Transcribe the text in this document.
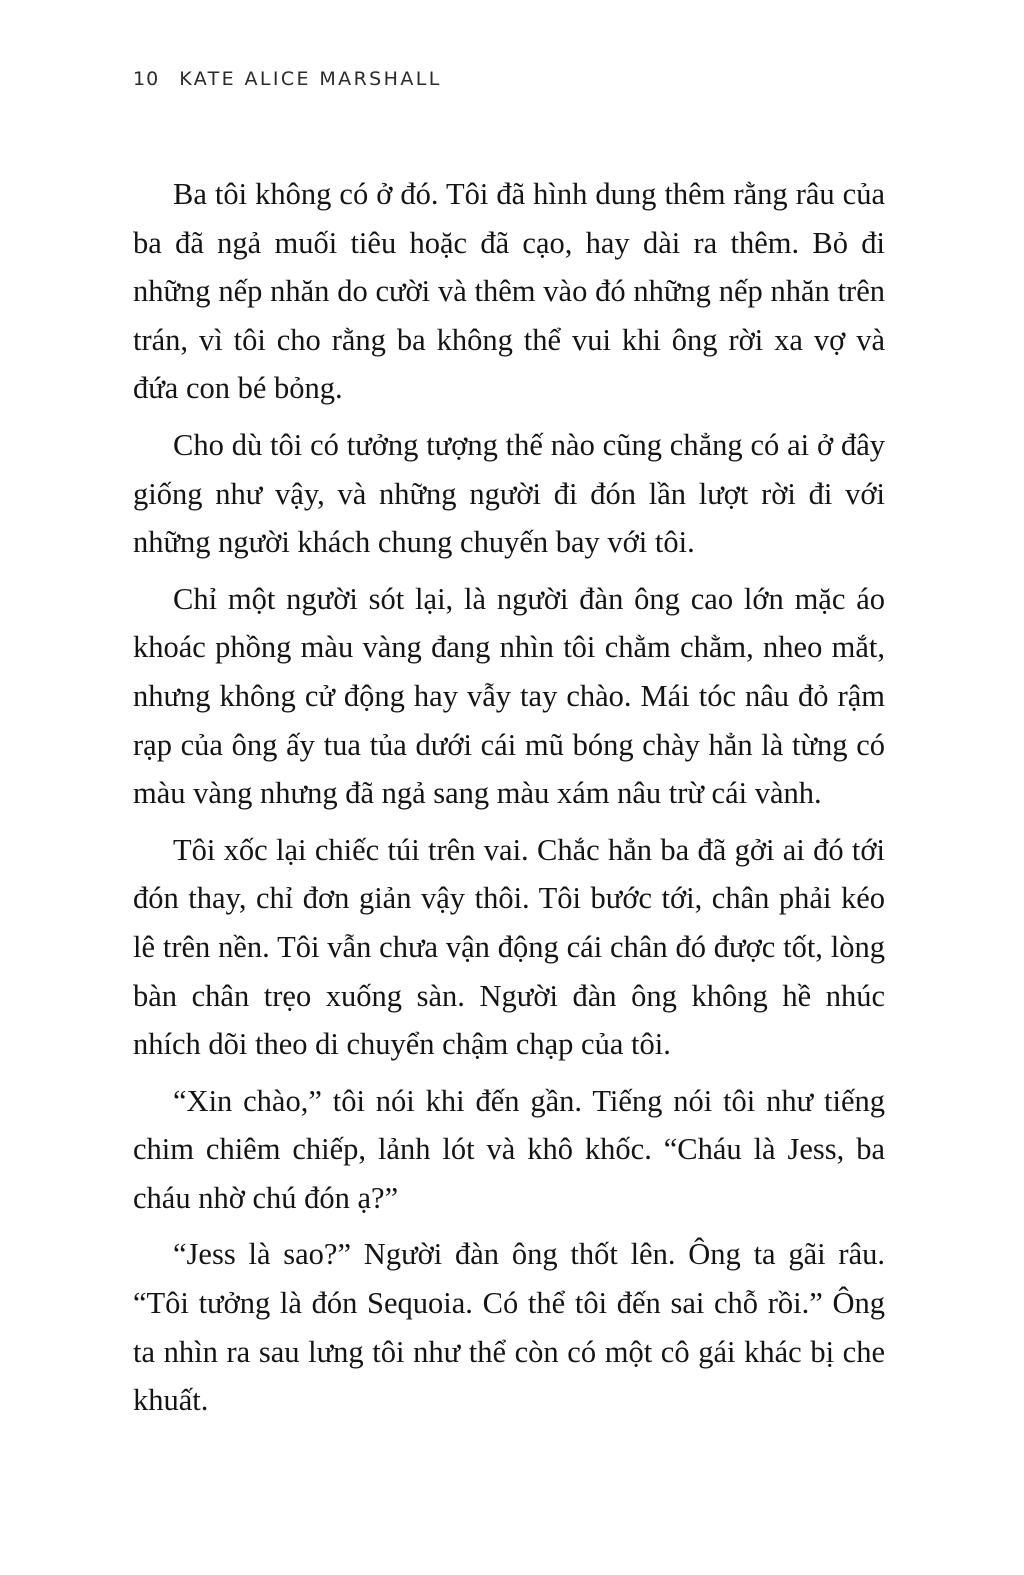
10 KATE ALICE MARSHALL

Ba tôi không có ở đó. Tôi đã hình dung thêm rằng râu của ba đã ngả muối tiêu hoặc đã cạo, hay dài ra thêm. Bỏ đi những nếp nhăn do cười và thêm vào đó những nếp nhăn trên trán, vì tôi cho rằng ba không thể vui khi ông rời xa vợ và đứa con bé bỏng.

Cho dù tôi có tưởng tượng thế nào cũng chẳng có ai ở đây giống như vậy, và những người đi đón lần lượt rời đi với những người khách chung chuyến bay với tôi.

Chỉ một người sót lại, là người đàn ông cao lớn mặc áo khoác phồng màu vàng đang nhìn tôi chằm chằm, nheo mắt, nhưng không cử động hay vẫy tay chào. Mái tóc nâu đỏ rậm rạp của ông ấy tua tủa dưới cái mũ bóng chày hẳn là từng có màu vàng nhưng đã ngả sang màu xám nâu trừ cái vành.

Tôi xốc lại chiếc túi trên vai. Chắc hẳn ba đã gởi ai đó tới đón thay, chỉ đơn giản vậy thôi. Tôi bước tới, chân phải kéo lê trên nền. Tôi vẫn chưa vận động cái chân đó được tốt, lòng bàn chân trẹo xuống sàn. Người đàn ông không hề nhúc nhích dõi theo di chuyển chậm chạp của tôi.

“Xin chào,” tôi nói khi đến gần. Tiếng nói tôi như tiếng chim chiêm chiếp, lảnh lót và khô khốc. “Cháu là Jess, ba cháu nhờ chú đón ạ?”

“Jess là sao?” Người đàn ông thốt lên. Ông ta gãi râu. “Tôi tưởng là đón Sequoia. Có thể tôi đến sai chỗ rồi.” Ông ta nhìn ra sau lưng tôi như thể còn có một cô gái khác bị che khuất.
